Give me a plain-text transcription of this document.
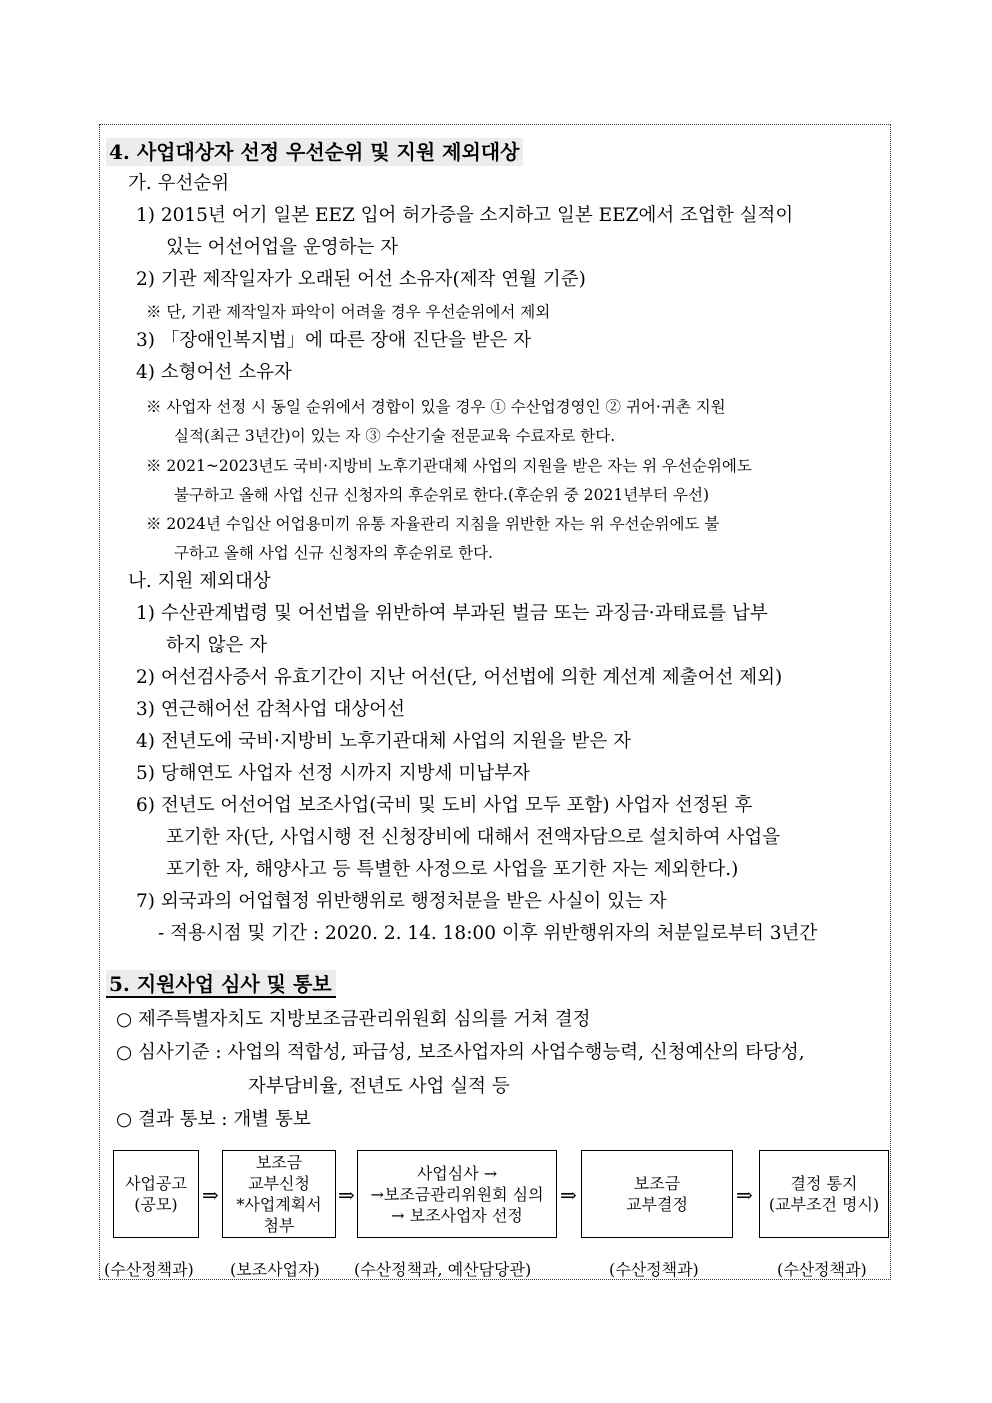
4. 사업대상자 선정 우선순위 및 지원 제외대상
가. 우선순위
1) 2015년 어기 일본 EEZ 입어 허가증을 소지하고 일본 EEZ에서 조업한 실적이
있는 어선어업을 운영하는 자
2) 기관 제작일자가 오래된 어선 소유자(제작 연월 기준)
※ 단, 기관 제작일자 파악이 어려울 경우 우선순위에서 제외
3) 「장애인복지법」에 따른 장애 진단을 받은 자
4) 소형어선 소유자
※ 사업자 선정 시 동일 순위에서 경합이 있을 경우 ① 수산업경영인 ② 귀어·귀촌 지원
실적(최근 3년간)이 있는 자 ③ 수산기술 전문교육 수료자로 한다.
※ 2021~2023년도 국비·지방비 노후기관대체 사업의 지원을 받은 자는 위 우선순위에도
불구하고 올해 사업 신규 신청자의 후순위로 한다.(후순위 중 2021년부터 우선)
※ 2024년 수입산 어업용미끼 유통 자율관리 지침을 위반한 자는 위 우선순위에도 불
구하고 올해 사업 신규 신청자의 후순위로 한다.
나. 지원 제외대상
1) 수산관계법령 및 어선법을 위반하여 부과된 벌금 또는 과징금·과태료를 납부
하지 않은 자
2) 어선검사증서 유효기간이 지난 어선(단, 어선법에 의한 계선계 제출어선 제외)
3) 연근해어선 감척사업 대상어선
4) 전년도에 국비·지방비 노후기관대체 사업의 지원을 받은 자
5) 당해연도 사업자 선정 시까지 지방세 미납부자
6) 전년도 어선어업 보조사업(국비 및 도비 사업 모두 포함) 사업자 선정된 후
포기한 자(단, 사업시행 전 신청장비에 대해서 전액자담으로 설치하여 사업을
포기한 자, 해양사고 등 특별한 사정으로 사업을 포기한 자는 제외한다.)
7) 외국과의 어업협정 위반행위로 행정처분을 받은 사실이 있는 자
- 적용시점 및 기간 : 2020. 2. 14. 18:00 이후 위반행위자의 처분일로부터 3년간
5. 지원사업 심사 및 통보
○ 제주특별자치도 지방보조금관리위원회 심의를 거쳐 결정
○ 심사기준 : 사업의 적합성, 파급성, 보조사업자의 사업수행능력, 신청예산의 타당성,
자부담비율, 전년도 사업 실적 등
○ 결과 통보 : 개별 통보
사업공고
(공모)	⇒
보조금
교부신청
*사업계획서
첨부
⇒
사업심사 →
→보조금관리위원회 심의
→ 보조사업자 선정
⇒	보조금
교부결정 ⇒	결정 통지
(교부조건 명시)
(수산정책과) (보조사업자) (수산정책과, 예산담당관)	(수산정책과)	(수산정책과)
